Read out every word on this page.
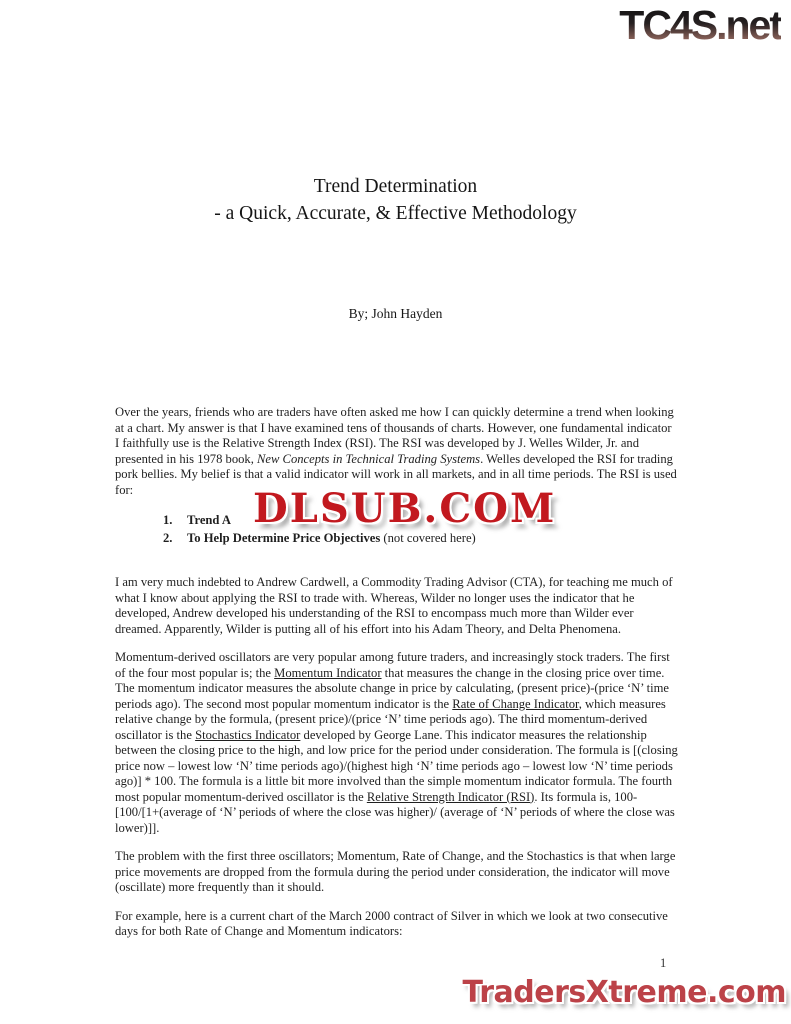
TC4S.net
Trend Determination
- a Quick, Accurate, & Effective Methodology
By; John Hayden

Over the years, friends who are traders have often asked me how I can quickly determine a trend when looking at a chart. My answer is that I have examined tens of thousands of charts. However, one fundamental indicator I faithfully use is the Relative Strength Index (RSI). The RSI was developed by J. Welles Wilder, Jr. and presented in his 1978 book, New Concepts in Technical Trading Systems. Welles developed the RSI for trading pork bellies. My belief is that a valid indicator will work in all markets, and in all time periods. The RSI is used for:

1.	Trend A
2.	To Help Determine Price Objectives (not covered here)

I am very much indebted to Andrew Cardwell, a Commodity Trading Advisor (CTA), for teaching me much of what I know about applying the RSI to trade with. Whereas, Wilder no longer uses the indicator that he developed, Andrew developed his understanding of the RSI to encompass much more than Wilder ever dreamed. Apparently, Wilder is putting all of his effort into his Adam Theory, and Delta Phenomena.

Momentum-derived oscillators are very popular among future traders, and increasingly stock traders. The first of the four most popular is; the Momentum Indicator that measures the change in the closing price over time. The momentum indicator measures the absolute change in price by calculating, (present price)-(price ‘N’ time periods ago). The second most popular momentum indicator is the Rate of Change Indicator, which measures relative change by the formula, (present price)/(price ‘N’ time periods ago). The third momentum-derived oscillator is the Stochastics Indicator developed by George Lane. This indicator measures the relationship between the closing price to the high, and low price for the period under consideration. The formula is [(closing price now – lowest low ‘N’ time periods ago)/(highest high ‘N’ time periods ago – lowest low ‘N’ time periods ago)] * 100. The formula is a little bit more involved than the simple momentum indicator formula. The fourth most popular momentum-derived oscillator is the Relative Strength Indicator (RSI). Its formula is, 100-[100/[1+(average of ‘N’ periods of where the close was higher)/ (average of ‘N’ periods of where the close was lower)]].

The problem with the first three oscillators; Momentum, Rate of Change, and the Stochastics is that when large price movements are dropped from the formula during the period under consideration, the indicator will move (oscillate) more frequently than it should.

For example, here is a current chart of the March 2000 contract of Silver in which we look at two consecutive days for both Rate of Change and Momentum indicators:

DLSUB.COM
1
TradersXtreme.com
